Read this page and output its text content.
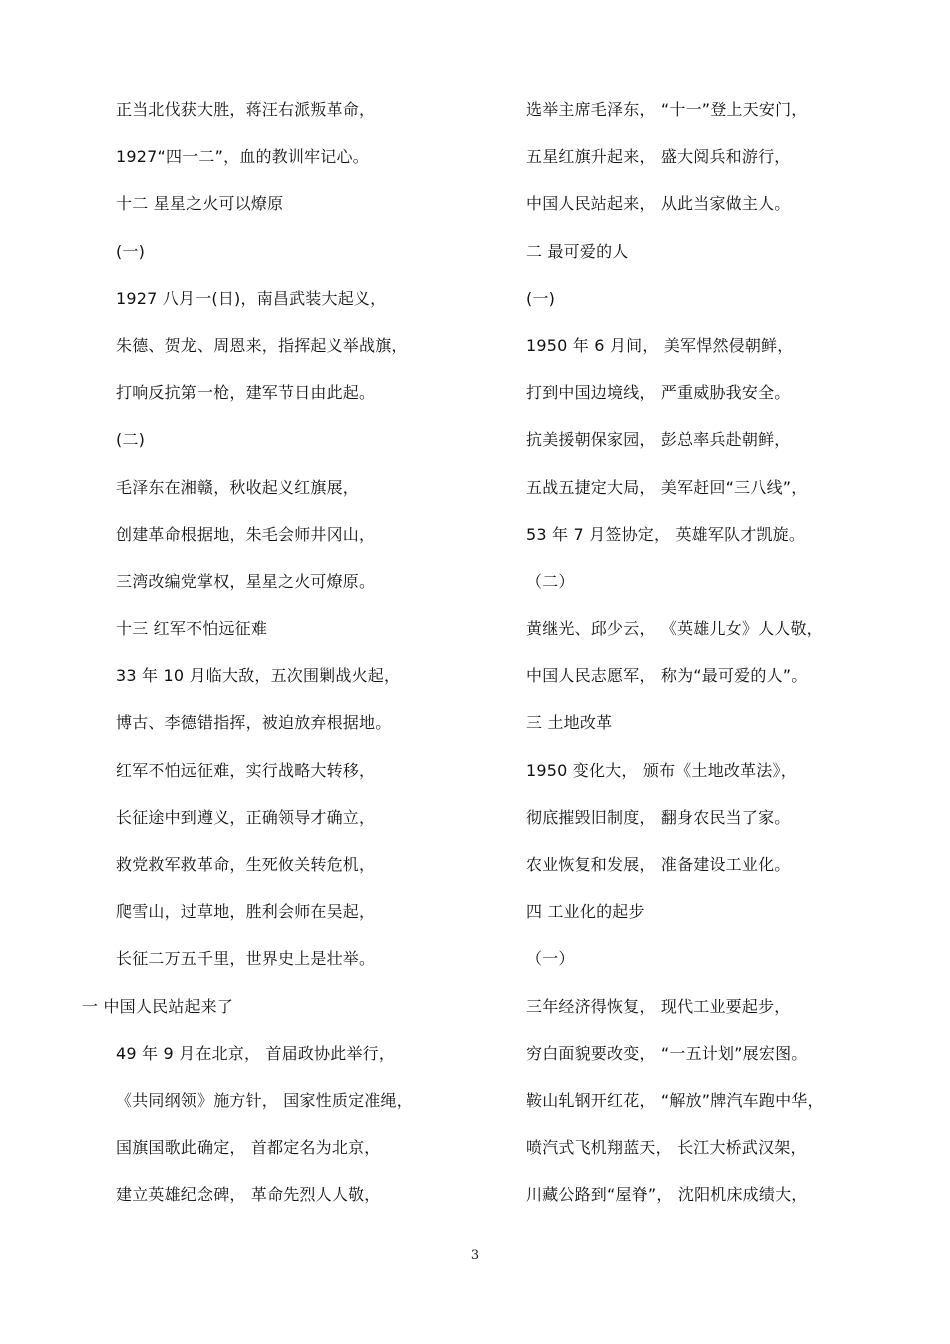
正当北伐获大胜，蒋汪右派叛革命，
1927“四一二”，血的教训牢记心。
十二 星星之火可以燎原
(一)
1927 八月一(日)，南昌武装大起义，
朱德、贺龙、周恩来，指挥起义举战旗，
打响反抗第一枪，建军节日由此起。
(二)
毛泽东在湘赣，秋收起义红旗展，
创建革命根据地，朱毛会师井冈山，
三湾改编党掌权，星星之火可燎原。
十三 红军不怕远征难
33 年 10 月临大敌，五次围剿战火起，
博古、李德错指挥，被迫放弃根据地。
红军不怕远征难，实行战略大转移，
长征途中到遵义，正确领导才确立，
救党救军救革命，生死攸关转危机，
爬雪山，过草地，胜利会师在吴起，
长征二万五千里，世界史上是壮举。
一 中国人民站起来了
49 年 9 月在北京， 首届政协此举行，
《共同纲领》施方针， 国家性质定准绳，
国旗国歌此确定， 首都定名为北京，
建立英雄纪念碑， 革命先烈人人敬，
选举主席毛泽东， “十一”登上天安门，
五星红旗升起来， 盛大阅兵和游行，
中国人民站起来， 从此当家做主人。
二 最可爱的人
(一)
1950 年 6 月间， 美军悍然侵朝鲜，
打到中国边境线， 严重威胁我安全。
抗美援朝保家园， 彭总率兵赴朝鲜，
五战五捷定大局， 美军赶回“三八线”，
53 年 7 月签协定， 英雄军队才凯旋。
（二）
黄继光、邱少云， 《英雄儿女》人人敬，
中国人民志愿军， 称为“最可爱的人”。
三 土地改革
1950 变化大， 颁布《土地改革法》，
彻底摧毁旧制度， 翻身农民当了家。
农业恢复和发展， 准备建设工业化。
四 工业化的起步
（一）
三年经济得恢复， 现代工业要起步，
穷白面貌要改变， “一五计划”展宏图。
鞍山轧钢开红花， “解放”牌汽车跑中华，
喷汽式飞机翔蓝天， 长江大桥武汉架，
川藏公路到“屋脊”， 沈阳机床成绩大，
3
